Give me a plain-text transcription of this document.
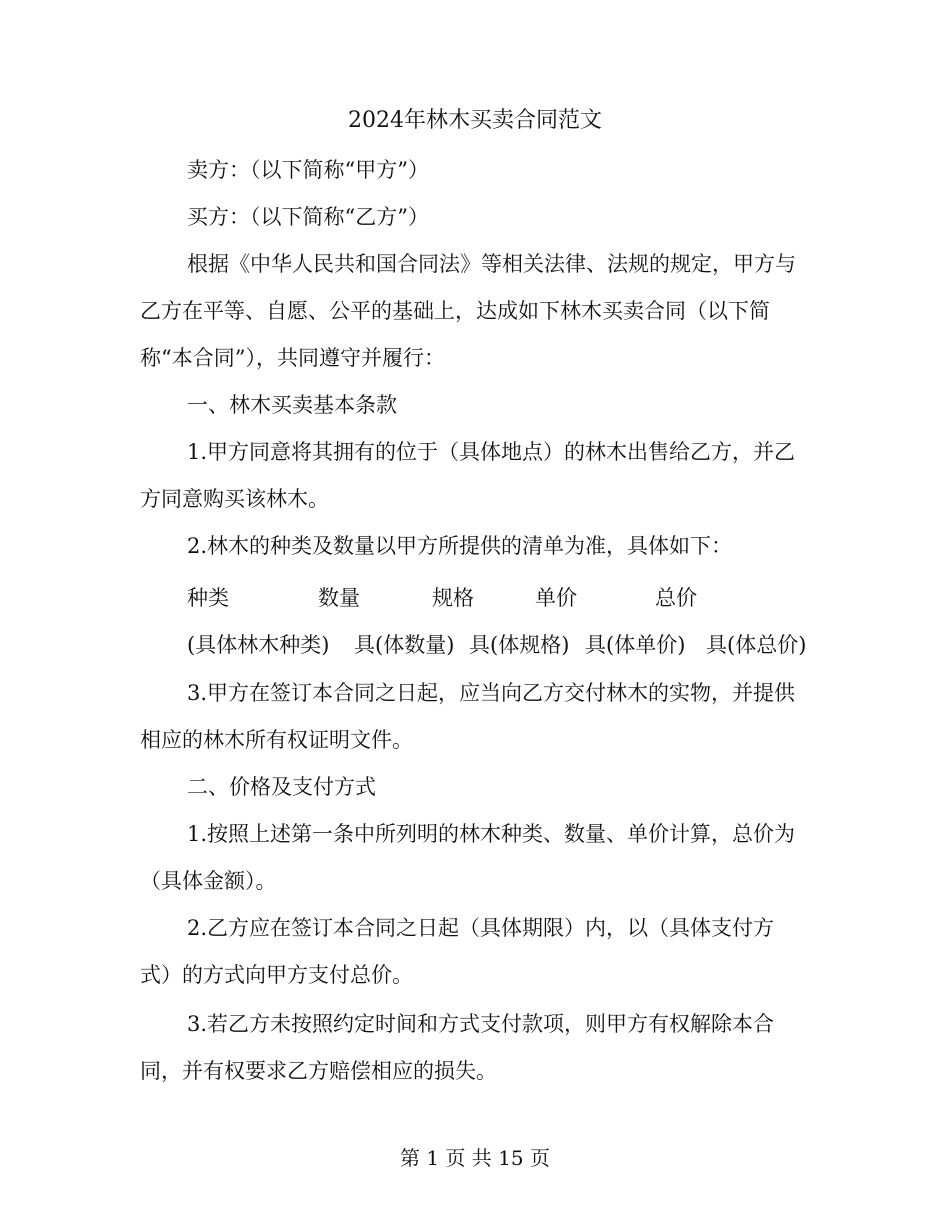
2024年林木买卖合同范文

卖方：（以下简称“甲方”）

买方：（以下简称“乙方”）

根据《中华人民共和国合同法》等相关法律、法规的规定，甲方与乙方在平等、自愿、公平的基础上，达成如下林木买卖合同（以下简称“本合同”），共同遵守并履行：

一、林木买卖基本条款

1.甲方同意将其拥有的位于（具体地点）的林木出售给乙方，并乙方同意购买该林木。

2.林木的种类及数量以甲方所提供的清单为准，具体如下：

种类	数量	规格	单价	总价
(具体林木种类) 具(体数量) 具(体规格) 具(体单价) 具(体总价)

3.甲方在签订本合同之日起，应当向乙方交付林木的实物，并提供相应的林木所有权证明文件。

二、价格及支付方式

1.按照上述第一条中所列明的林木种类、数量、单价计算，总价为（具体金额）。

2.乙方应在签订本合同之日起（具体期限）内，以（具体支付方式）的方式向甲方支付总价。

3.若乙方未按照约定时间和方式支付款项，则甲方有权解除本合同，并有权要求乙方赔偿相应的损失。

第 1 页 共 15 页
